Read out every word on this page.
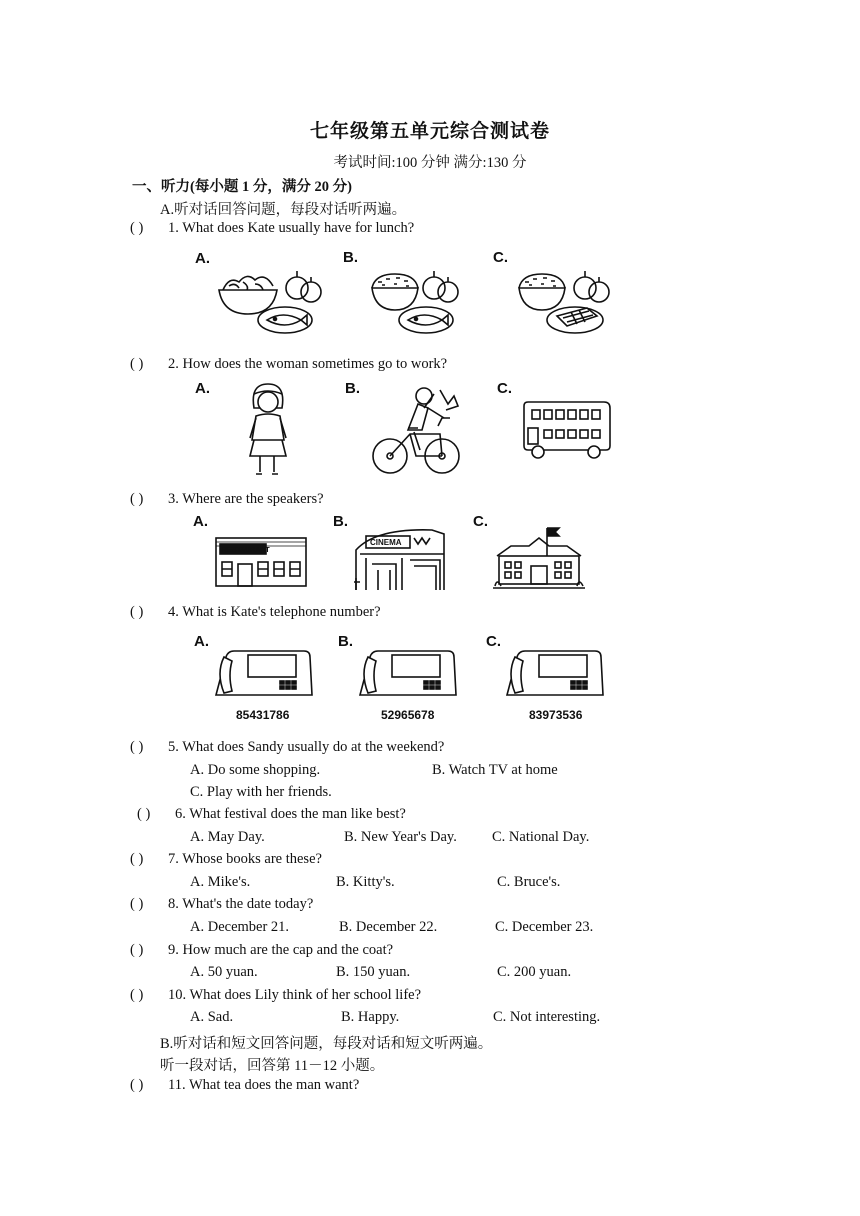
七年级第五单元综合测试卷
考试时间:100 分钟 满分:130 分
一、听力(每小题 1 分，满分 20 分)
A.听对话回答问题，每段对话听两遍。
( ) 1. What does Kate usually have for lunch?
A.	B.	C.
( ) 2. How does the woman sometimes go to work?
A.	B.	C.
( ) 3. Where are the speakers?
A.	B.	C.
RESTAURANT
CINEMA
( ) 4. What is Kate's telephone number?
A.	B.	C.
85431786	52965678	83973536
( ) 5. What does Sandy usually do at the weekend?
A. Do some shopping.	B. Watch TV at home
C. Play with her friends.
( ) 6. What festival does the man like best?
A. May Day.	B. New Year's Day. C. National Day.
( ) 7. Whose books are these?
A. Mike's.	B. Kitty's.	C. Bruce's.
( ) 8. What's the date today?
A. December 21.	B. December 22.	C. December 23.
( ) 9. How much are the cap and the coat?
A. 50 yuan.	B. 150 yuan.	C. 200 yuan.
( ) 10. What does Lily think of her school life?
A. Sad.	B. Happy.	C. Not interesting.
B.听对话和短文回答问题，每段对话和短文听两遍。
听一段对话，回答第 11－12 小题。
( ) 11. What tea does the man want?
